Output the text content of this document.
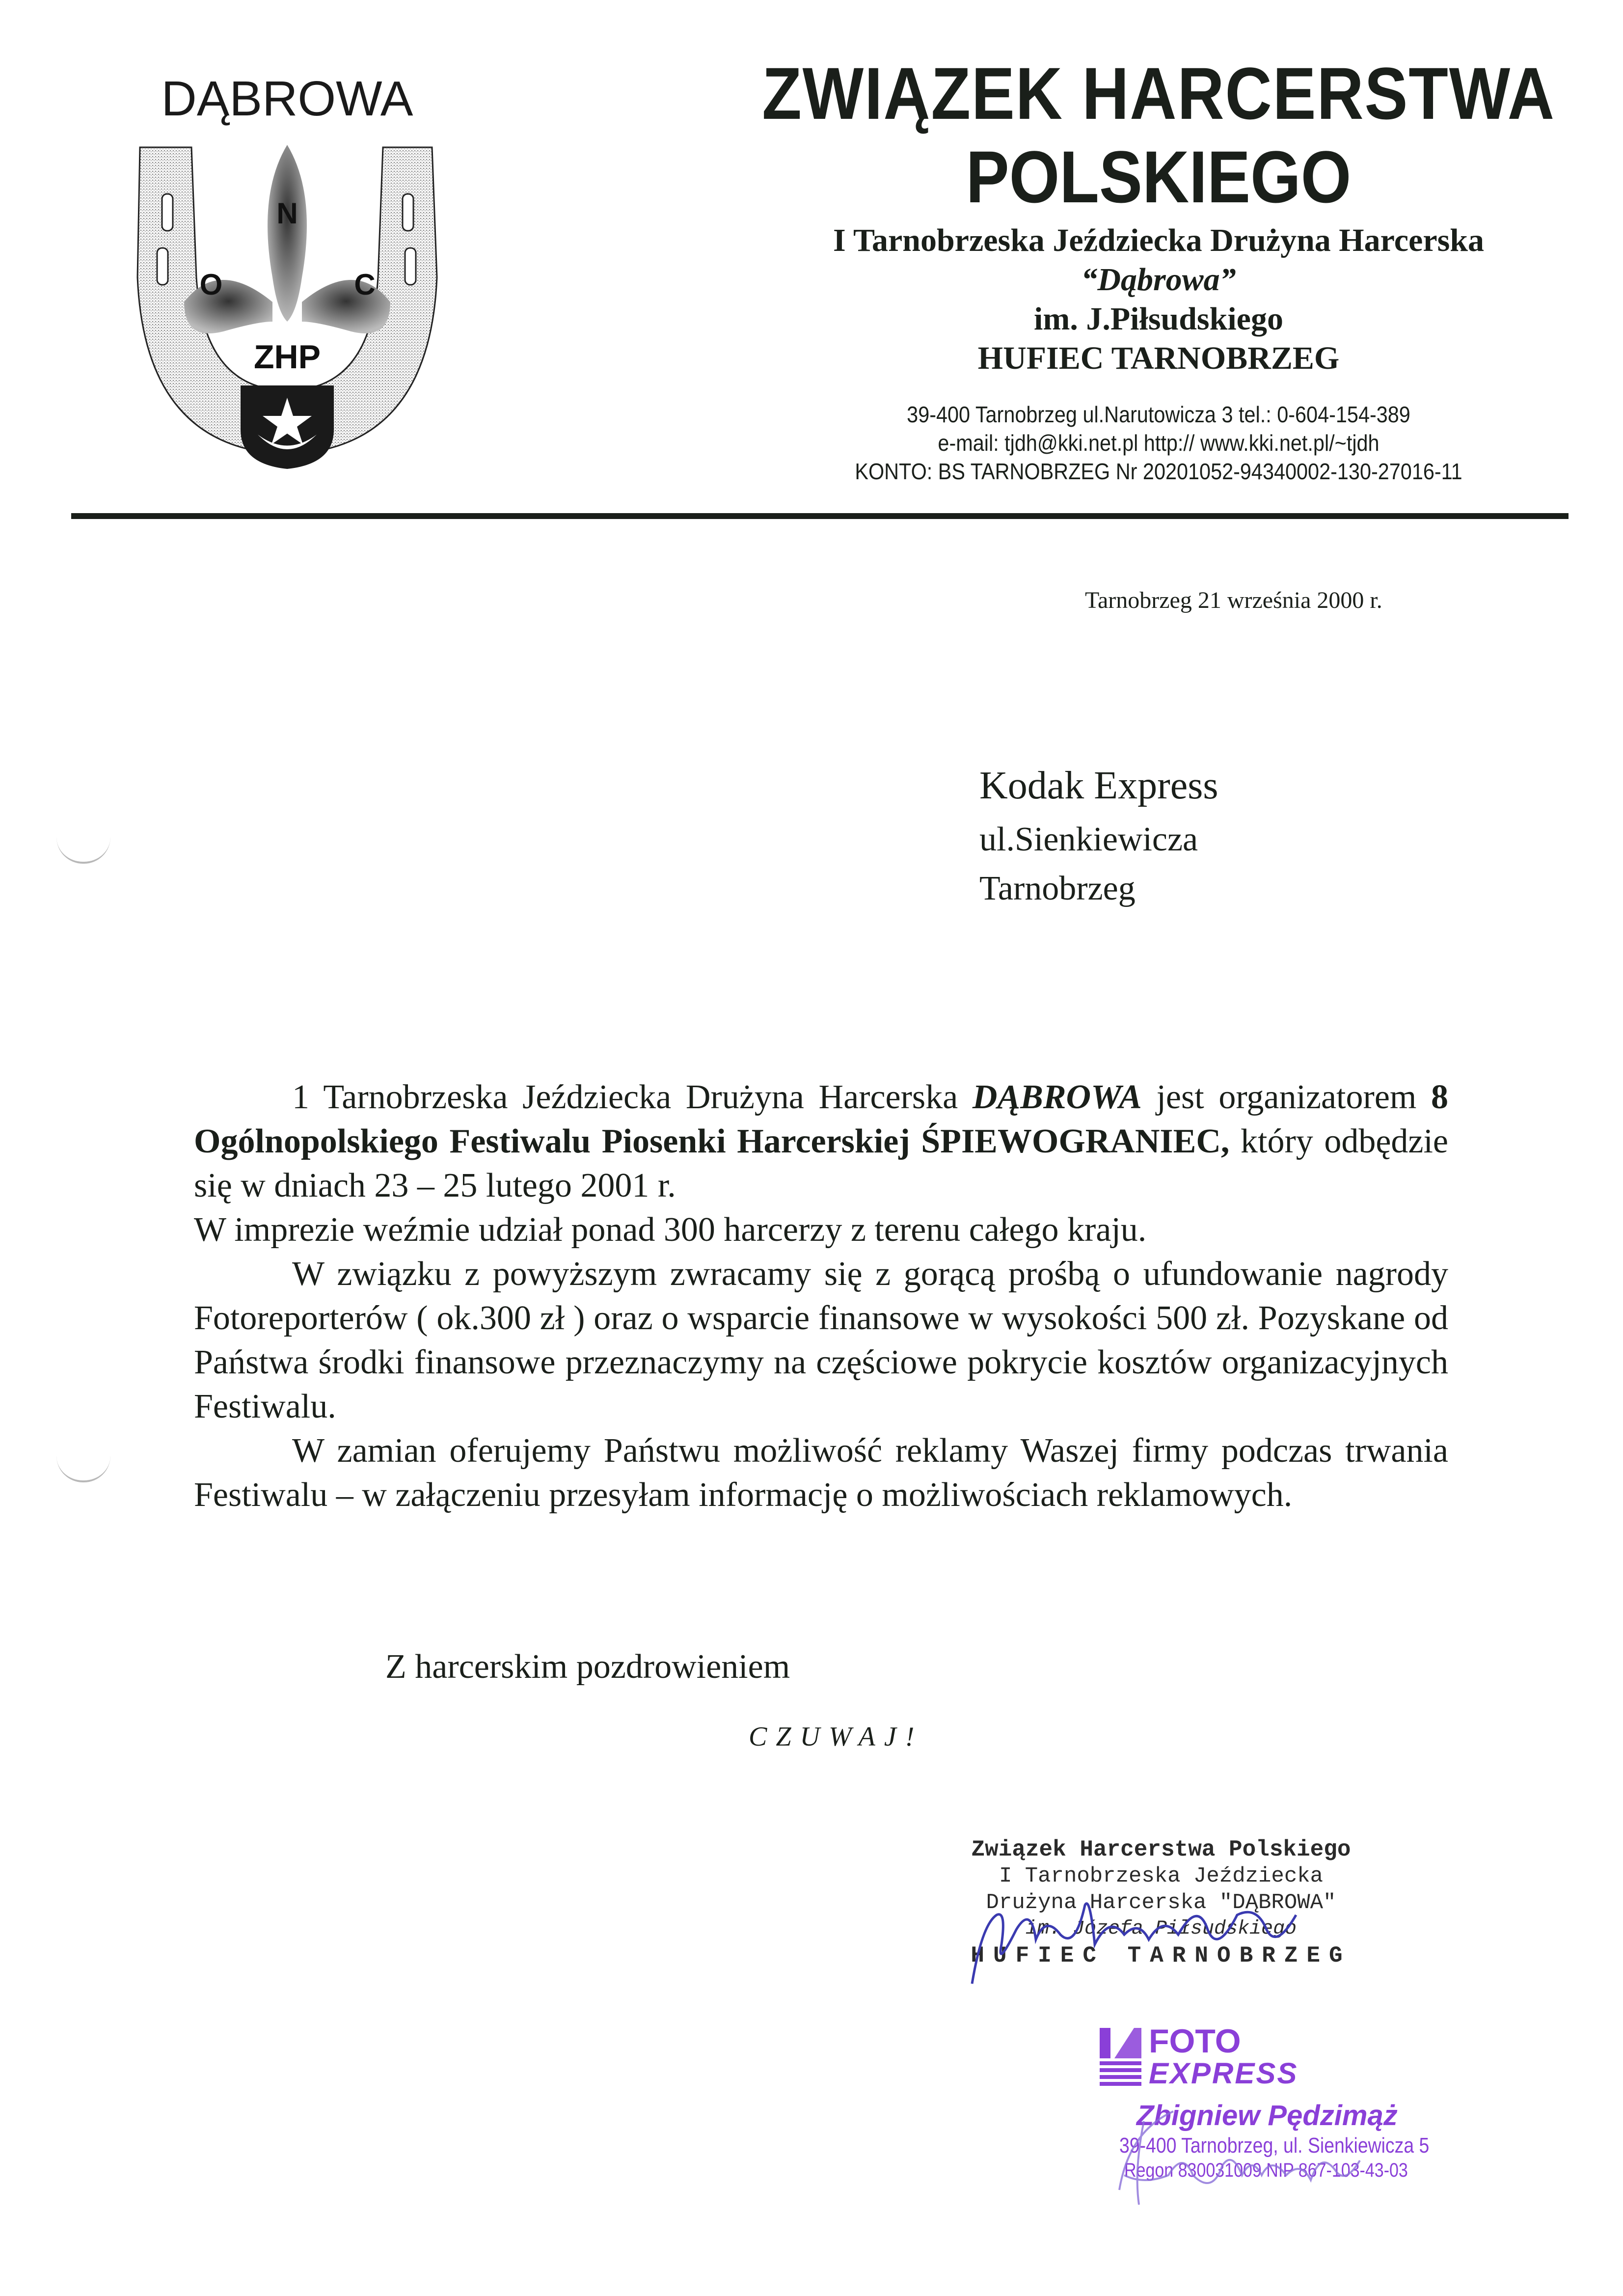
DĄBROWA
N
O	C
ZHP
ZWIĄZEK HARCERSTWA
POLSKIEGO
I Tarnobrzeska Jeździecka Drużyna Harcerska
“Dąbrowa”
im. J.Piłsudskiego
HUFIEC TARNOBRZEG
39-400 Tarnobrzeg ul.Narutowicza 3 tel.: 0-604-154-389
e-mail: tjdh@kki.net.pl http:// www.kki.net.pl/~tjdh
KONTO: BS TARNOBRZEG Nr 20201052-94340002-130-27016-11
Tarnobrzeg 21 września 2000 r.
Kodak Express
ul.Sienkiewicza
Tarnobrzeg

1 Tarnobrzeska Jeździecka Drużyna Harcerska DĄBROWA jest organizatorem 8 Ogólnopolskiego Festiwalu Piosenki Harcerskiej ŚPIEWOGRANIEC, który odbędzie się w dniach 23 – 25 lutego 2001 r.

W imprezie weźmie udział ponad 300 harcerzy z terenu całego kraju.

W związku z powyższym zwracamy się z gorącą prośbą o ufundowanie nagrody Fotoreporterów ( ok.300 zł ) oraz o wsparcie finansowe w wysokości 500 zł. Pozyskane od Państwa środki finansowe przeznaczymy na częściowe pokrycie kosztów organizacyjnych Festiwalu.

W zamian oferujemy Państwu możliwość reklamy Waszej firmy podczas trwania Festiwalu – w załączeniu przesyłam informację o możliwościach reklamowych.

Z harcerskim pozdrowieniem
CZUWAJ!
Związek Harcerstwa Polskiego
I Tarnobrzeska Jeździecka
Drużyna Harcerska "DĄBROWA"
im. Józefa Piłsudskiego
HUFIEC TARNOBRZEG
FOTO
EXPRESS
Zbigniew Pędzimąż
39-400 Tarnobrzeg, ul. Sienkiewicza 5
Regon 830031009 NIP 867-103-43-03
